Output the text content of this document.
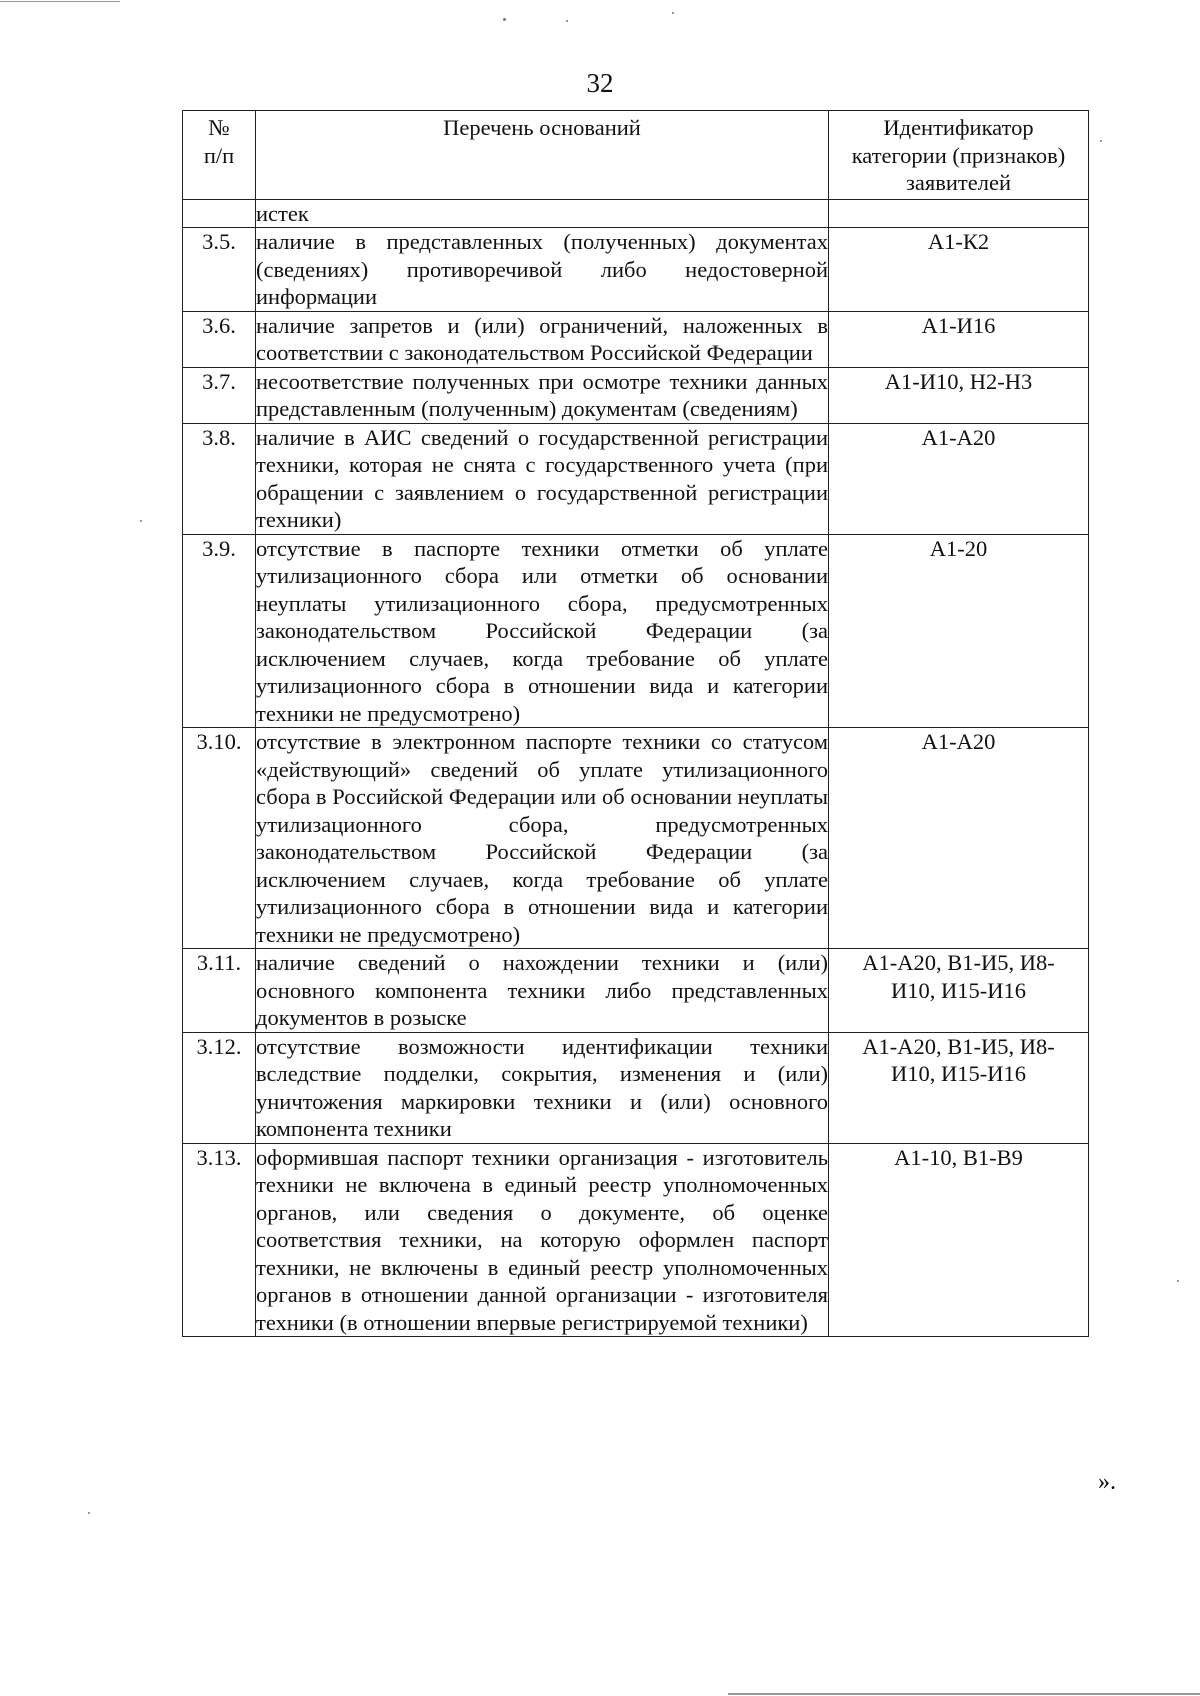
32
№ п/п	Перечень оснований	Идентификатор категории (признаков) заявителей
	истек	
3.5.	наличие в представленных (полученных) документах (сведениях) противоречивой либо недостоверной информации	А1-К2
3.6.	наличие запретов и (или) ограничений, наложенных в соответствии с законодательством Российской Федерации	А1-И16
3.7.	несоответствие полученных при осмотре техники данных представленным (полученным) документам (сведениям)	А1-И10, Н2-Н3
3.8.	наличие в АИС сведений о государственной регистрации техники, которая не снята с государственного учета (при обращении с заявлением о государственной регистрации техники)	А1-А20
3.9.	отсутствие в паспорте техники отметки об уплате утилизационного сбора или отметки об основании неуплаты утилизационного сбора, предусмотренных законодательством Российской Федерации (за исключением случаев, когда требование об уплате утилизационного сбора в отношении вида и категории техники не предусмотрено)	А1-20
3.10.	отсутствие в электронном паспорте техники со статусом «действующий» сведений об уплате утилизационного сбора в Российской Федерации или об основании неуплаты утилизационного сбора, предусмотренных законодательством Российской Федерации (за исключением случаев, когда требование об уплате утилизационного сбора в отношении вида и категории техники не предусмотрено)	А1-А20
3.11.	наличие сведений о нахождении техники и (или) основного компонента техники либо представленных документов в розыске	А1-А20, В1-И5, И8-И10, И15-И16
3.12.	отсутствие возможности идентификации техники вследствие подделки, сокрытия, изменения и (или) уничтожения маркировки техники и (или) основного компонента техники	А1-А20, В1-И5, И8-И10, И15-И16
3.13.	оформившая паспорт техники организация - изготовитель техники не включена в единый реестр уполномоченных органов, или сведения о документе, об оценке соответствия техники, на которую оформлен паспорт техники, не включены в единый реестр уполномоченных органов в отношении данной организации - изготовителя техники (в отношении впервые регистрируемой техники)	А1-10, В1-В9
».
